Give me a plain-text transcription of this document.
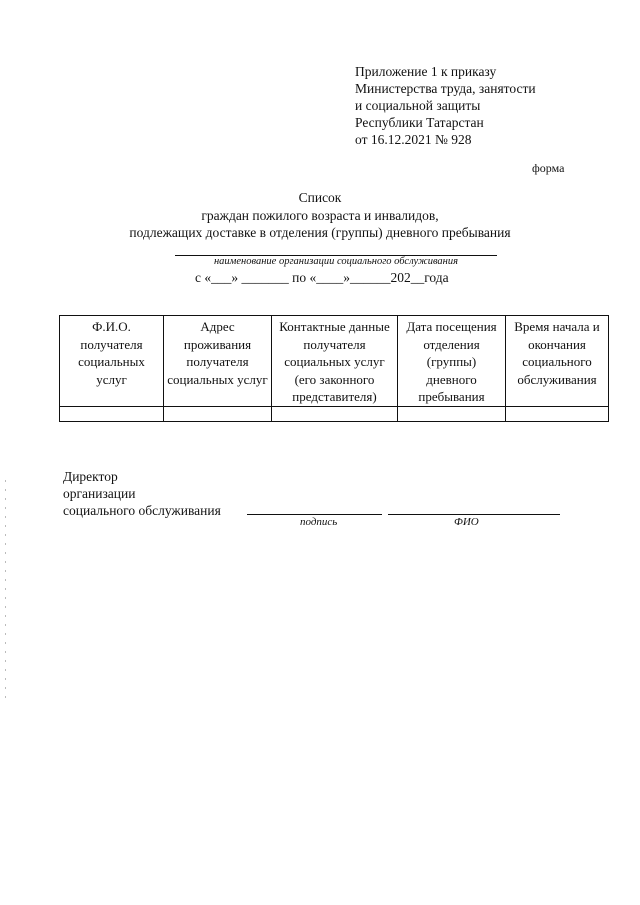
Приложение 1 к приказу
Министерства труда, занятости
и социальной защиты
Республики Татарстан
от 16.12.2021 № 928
форма
Список
граждан пожилого возраста и инвалидов,
подлежащих доставке в отделения (группы) дневного пребывания
наименование организации социального обслуживания
с «___» _______ по «____»______202__года
Ф.И.О. получателя социальных услуг	Адрес проживания получателя социальных услуг	Контактные данные получателя социальных услуг (его законного представителя)	Дата посещения отделения (группы) дневного пребывания	Время начала и окончания социального обслуживания

Директор
организации
социального обслуживания
подпись	ФИО
